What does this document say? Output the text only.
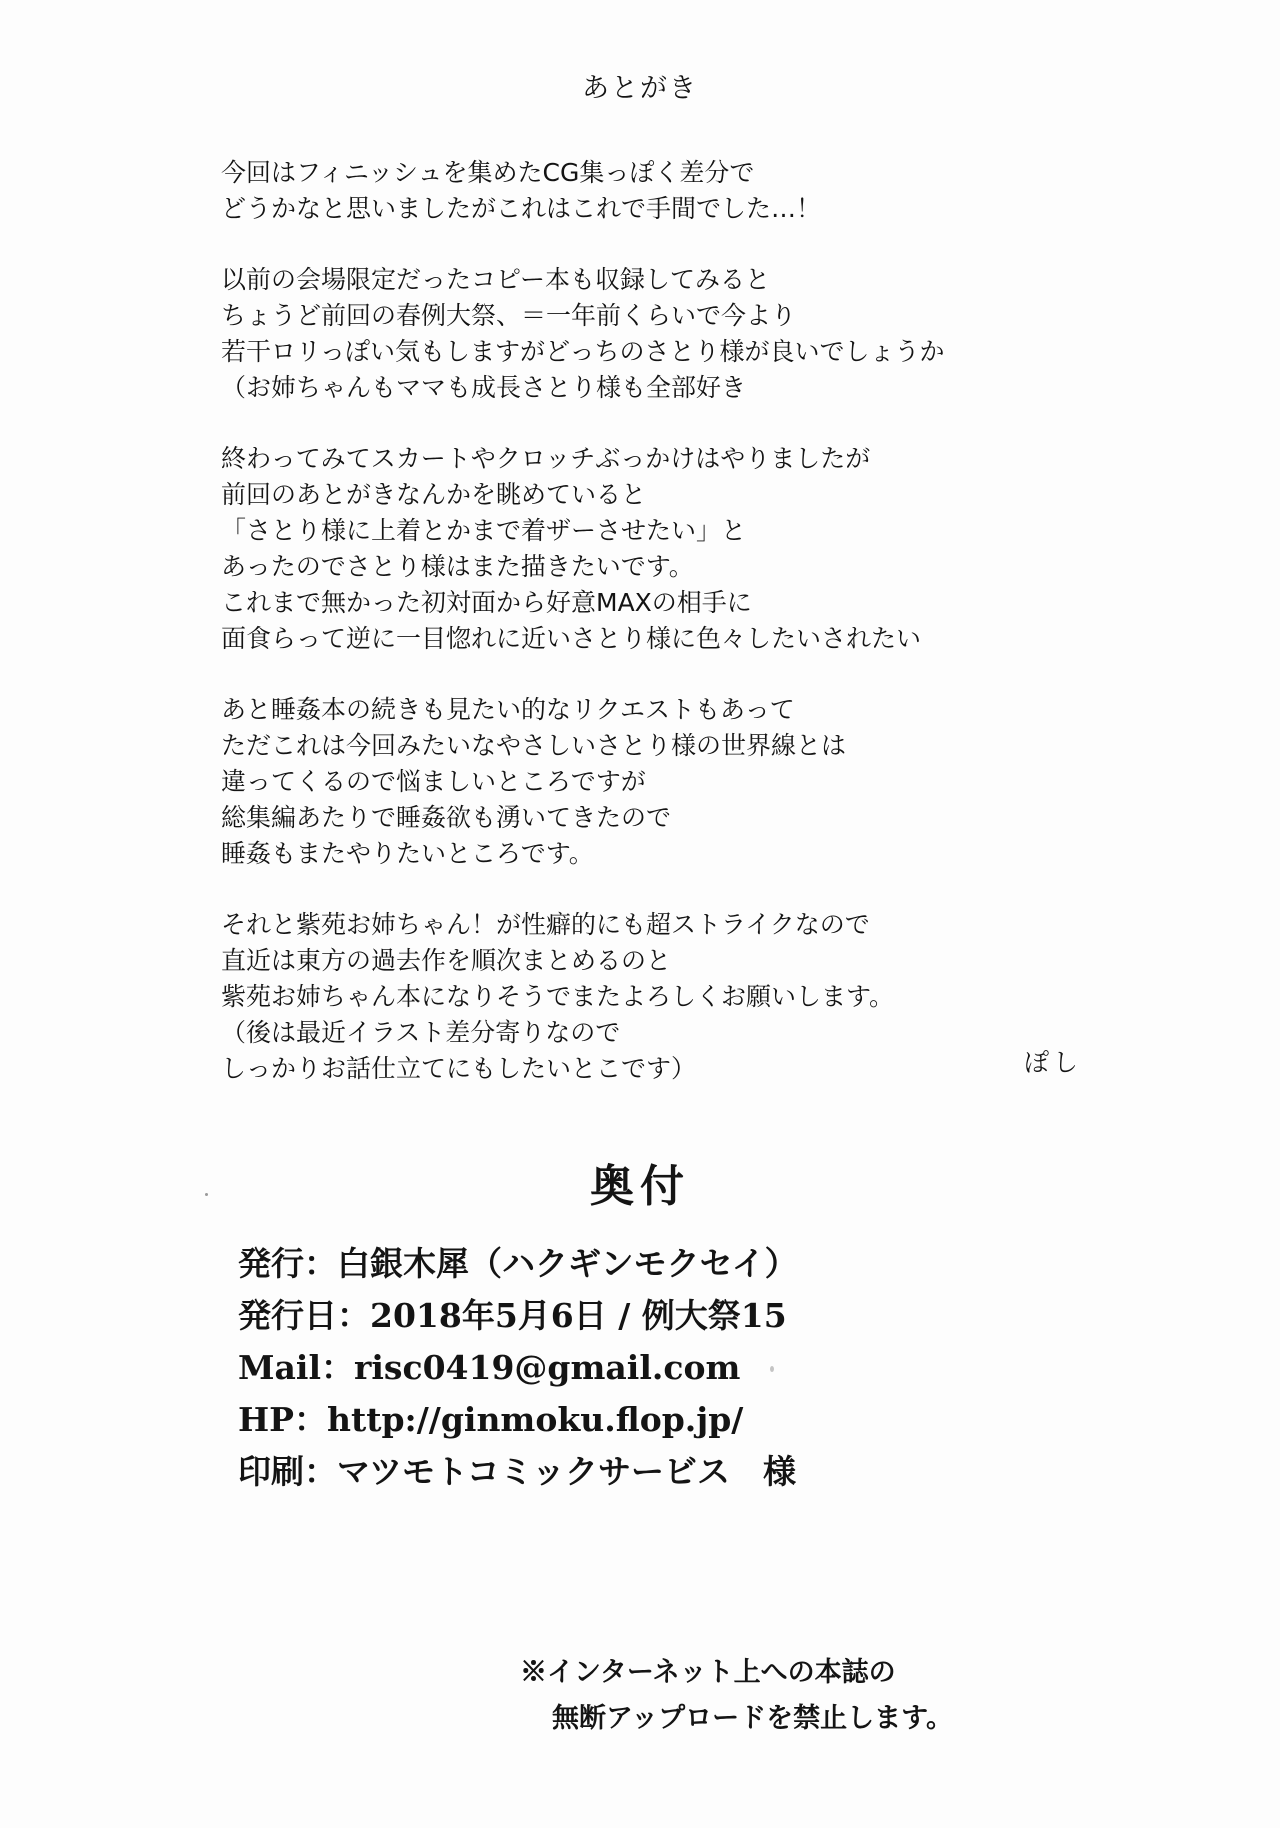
あとがき
今回はフィニッシュを集めたCG集っぽく差分で
どうかなと思いましたがこれはこれで手間でした…！
以前の会場限定だったコピー本も収録してみると
ちょうど前回の春例大祭、＝一年前くらいで今より
若干ロリっぽい気もしますがどっちのさとり様が良いでしょうか
（お姉ちゃんもママも成長さとり様も全部好き
終わってみてスカートやクロッチぶっかけはやりましたが
前回のあとがきなんかを眺めていると
「さとり様に上着とかまで着ザーさせたい」と
あったのでさとり様はまた描きたいです。
これまで無かった初対面から好意MAXの相手に
面食らって逆に一目惚れに近いさとり様に色々したいされたい
あと睡姦本の続きも見たい的なリクエストもあって
ただこれは今回みたいなやさしいさとり様の世界線とは
違ってくるので悩ましいところですが
総集編あたりで睡姦欲も湧いてきたので
睡姦もまたやりたいところです。
それと紫苑お姉ちゃん！が性癖的にも超ストライクなので
直近は東方の過去作を順次まとめるのと
紫苑お姉ちゃん本になりそうでまたよろしくお願いします。
（後は最近イラスト差分寄りなので
しっかりお話仕立てにもしたいとこです）	ぽし
奥付
発行：白銀木犀（ハクギンモクセイ）
発行日：2018年5月6日 / 例大祭15
Mail：risc0419@gmail.com
HP：http://ginmoku.flop.jp/
印刷：マツモトコミックサービス　様
※インターネット上への本誌の
無断アップロードを禁止します。
